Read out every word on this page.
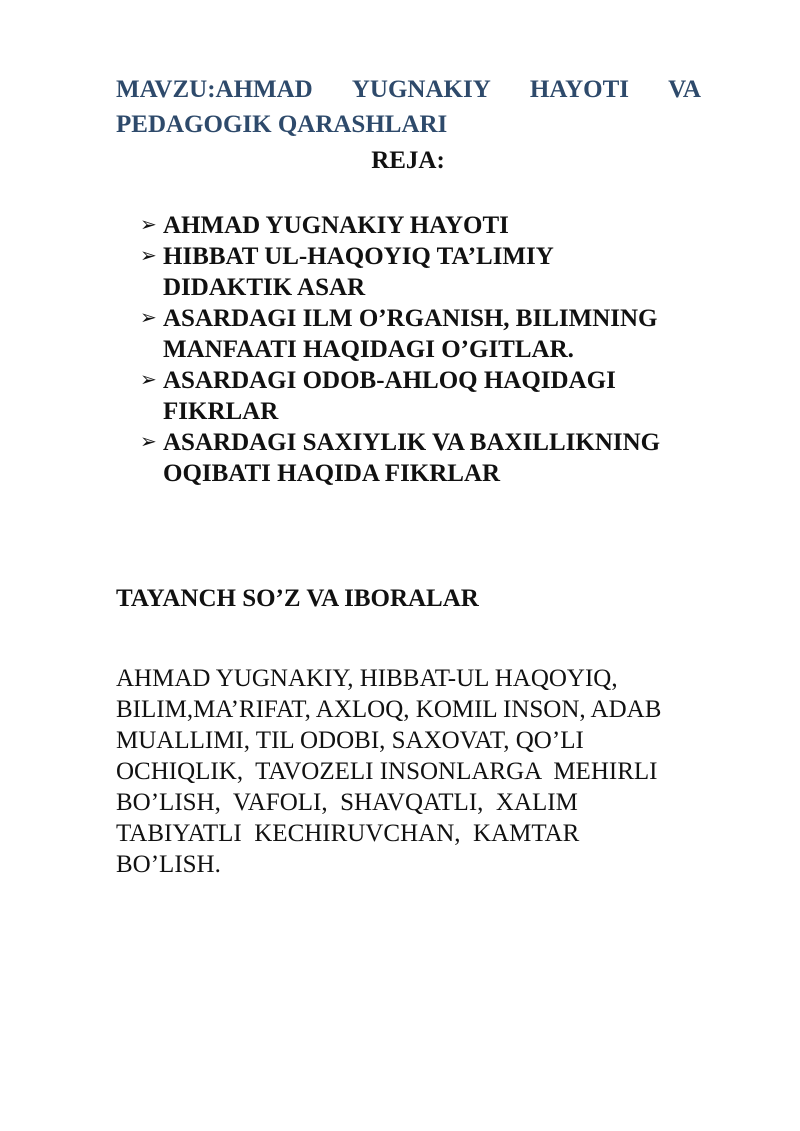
MAVZU:AHMAD YUGNAKIY HAYOTI VA
PEDAGOGIK QARASHLARI
REJA:
➢ AHMAD YUGNAKIY HAYOTI
➢ HIBBAT UL-HAQOYIQ TA’LIMIY
DIDAKTIK ASAR
➢ ASARDAGI ILM O’RGANISH, BILIMNING
MANFAATI HAQIDAGI O’GITLAR.
➢ ASARDAGI ODOB-AHLOQ HAQIDAGI
FIKRLAR
➢ ASARDAGI SAXIYLIK VA BAXILLIKNING
OQIBATI HAQIDA FIKRLAR
TAYANCH SO’Z VA IBORALAR

AHMAD YUGNAKIY, HIBBAT-UL HAQOYIQ,
BILIM,MA’RIFAT, AXLOQ, KOMIL INSON, ADAB
MUALLIMI, TIL ODOBI, SAXOVAT, QO’LI
OCHIQLIK,  TAVOZELI INSONLARGA  MEHIRLI
BO’LISH,  VAFOLI,  SHAVQATLI,  XALIM
TABIYATLI  KECHIRUVCHAN,  KAMTAR
BO’LISH.
